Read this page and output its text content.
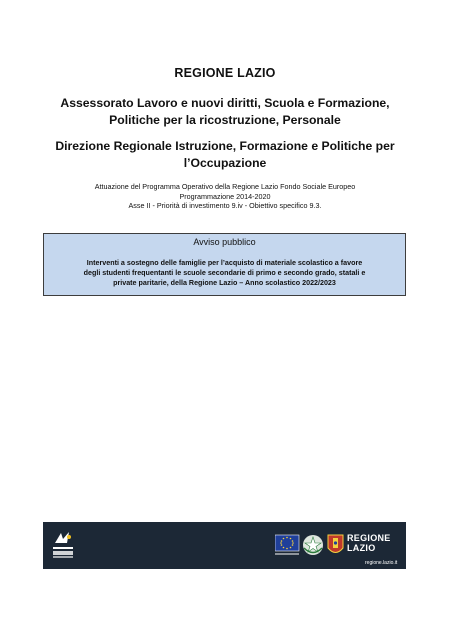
REGIONE LAZIO
Assessorato Lavoro e nuovi diritti, Scuola e Formazione,
Politiche per la ricostruzione, Personale
Direzione Regionale Istruzione, Formazione e Politiche per
l’Occupazione
Attuazione del Programma Operativo della Regione Lazio Fondo Sociale Europeo
Programmazione 2014-2020
Asse II - Priorità di investimento 9.iv - Obiettivo specifico 9.3.
Avviso pubblico
Interventi a sostegno delle famiglie per l’acquisto di materiale scolastico a favore
degli studenti frequentanti le scuole secondarie di primo e secondo grado, statali e
private paritarie, della Regione Lazio – Anno scolastico 2022/2023
REGIONE
LAZIO
regione.lazio.it
